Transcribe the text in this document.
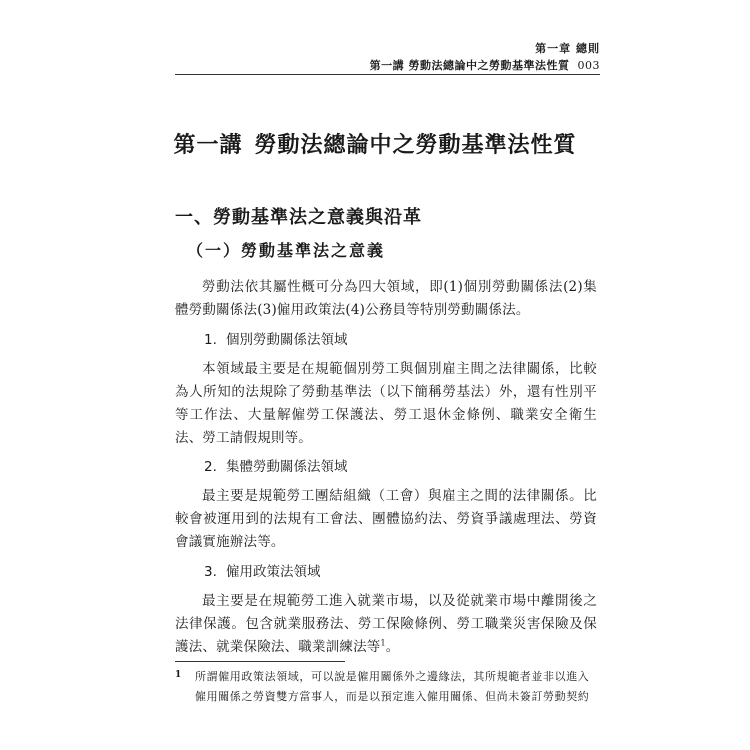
第一章 總則
第一講 勞動法總論中之勞動基準法性質 003
第一講 勞動法總論中之勞動基準法性質
一、勞動基準法之意義與沿革
（一）勞動基準法之意義
勞動法依其屬性概可分為四大領域，即(1)個別勞動關係法(2)集體勞動關係法(3)僱用政策法(4)公務員等特別勞動關係法。
1. 個別勞動關係法領域
本領域最主要是在規範個別勞工與個別雇主間之法律關係，比較為人所知的法規除了勞動基準法（以下簡稱勞基法）外，還有性別平等工作法、大量解僱勞工保護法、勞工退休金條例、職業安全衛生法、勞工請假規則等。
2. 集體勞動關係法領域
最主要是規範勞工團結組織（工會）與雇主之間的法律關係。比較會被運用到的法規有工會法、團體協約法、勞資爭議處理法、勞資會議實施辦法等。
3. 僱用政策法領域
最主要是在規範勞工進入就業市場，以及從就業市場中離開後之法律保護。包含就業服務法、勞工保險條例、勞工職業災害保險及保護法、就業保險法、職業訓練法等$^1$。
1	所謂僱用政策法領域，可以說是僱用關係外之邊緣法，其所規範者並非以進入
僱用關係之勞資雙方當事人，而是以預定進入僱用關係、但尚未簽訂勞動契約
